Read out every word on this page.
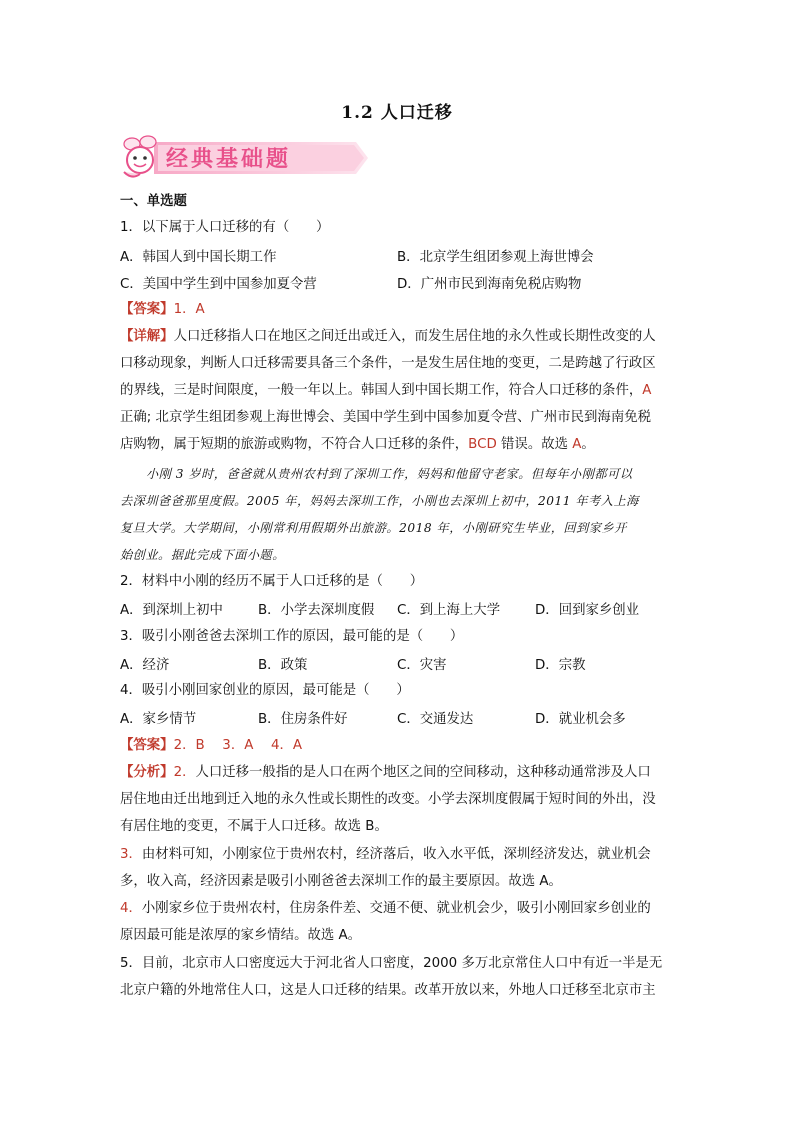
1.2 人口迁移
经典基础题
一、单选题
1．以下属于人口迁移的有（　　）
A．韩国人到中国长期工作	B．北京学生组团参观上海世博会
C．美国中学生到中国参加夏令营	D．广州市民到海南免税店购物
【答案】1．A
【详解】人口迁移指人口在地区之间迁出或迁入，而发生居住地的永久性或长期性改变的人
口移动现象，判断人口迁移需要具备三个条件，一是发生居住地的变更，二是跨越了行政区
的界线，三是时间限度，一般一年以上。韩国人到中国长期工作，符合人口迁移的条件，A
正确; 北京学生组团参观上海世博会、美国中学生到中国参加夏令营、广州市民到海南免税
店购物，属于短期的旅游或购物，不符合人口迁移的条件，BCD 错误。故选 A。
小刚 3 岁时，爸爸就从贵州农村到了深圳工作，妈妈和他留守老家。但每年小刚都可以
去深圳爸爸那里度假。2005 年，妈妈去深圳工作，小刚也去深圳上初中，2011 年考入上海
复旦大学。大学期间，小刚常利用假期外出旅游。2018 年，小刚研究生毕业，回到家乡开
始创业。据此完成下面小题。
2．材料中小刚的经历不属于人口迁移的是（　　）
A．到深圳上初中	B．小学去深圳度假 C．到上海上大学	D．回到家乡创业
3．吸引小刚爸爸去深圳工作的原因，最可能的是（　　）
A．经济	B．政策	C．灾害	D．宗教
4．吸引小刚回家创业的原因，最可能是（　　）
A．家乡情节	B．住房条件好	C．交通发达	D．就业机会多
【答案】2．B　 3．A　 4．A
【分析】2．人口迁移一般指的是人口在两个地区之间的空间移动，这种移动通常涉及人口
居住地由迁出地到迁入地的永久性或长期性的改变。小学去深圳度假属于短时间的外出，没
有居住地的变更，不属于人口迁移。故选 B。
3．由材料可知，小刚家位于贵州农村，经济落后，收入水平低，深圳经济发达，就业机会
多，收入高，经济因素是吸引小刚爸爸去深圳工作的最主要原因。故选 A。
4．小刚家乡位于贵州农村，住房条件差、交通不便、就业机会少，吸引小刚回家乡创业的
原因最可能是浓厚的家乡情结。故选 A。
5．目前，北京市人口密度远大于河北省人口密度，2000 多万北京常住人口中有近一半是无
北京户籍的外地常住人口，这是人口迁移的结果。改革开放以来，外地人口迁移至北京市主
